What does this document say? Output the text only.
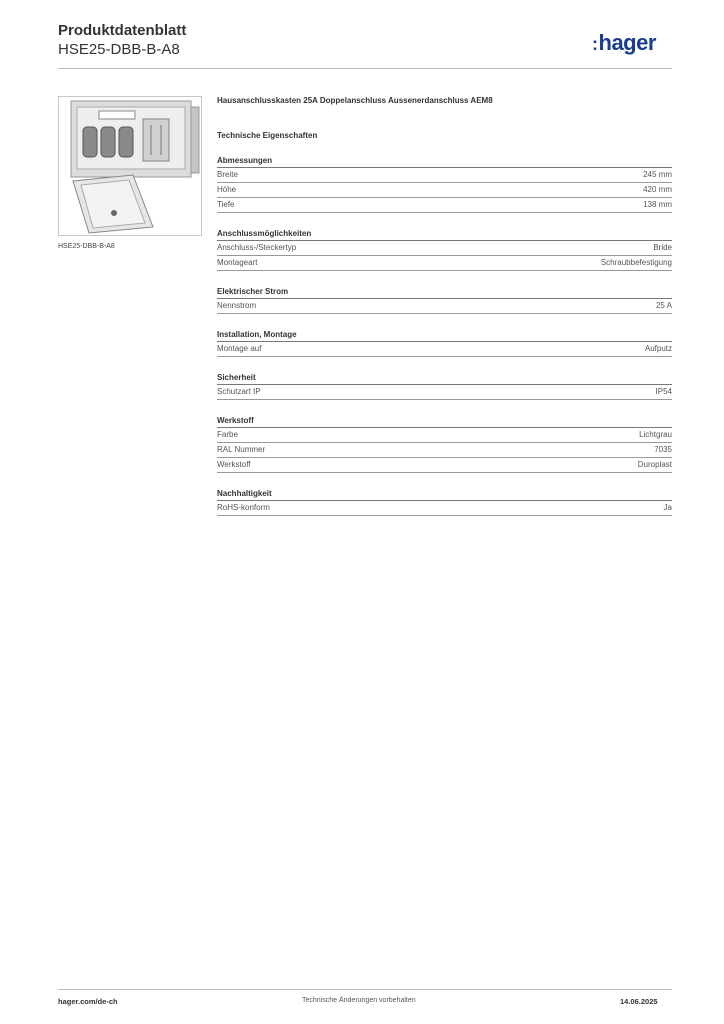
Produktdatenblatt
HSE25-DBB-B-A8	:hager
HSE25-DBB-B-A8
Hausanschlusskasten 25A Doppelanschluss Aussenerdanschluss AEM8
Technische Eigenschaften
Abmessungen
Breite	245 mm
Höhe	420 mm
Tiefe	138 mm
Anschlussmöglichkeiten
Anschluss-/Steckertyp	Bride
Montageart	Schraubbefestigung
Elektrischer Strom
Nennstrom	25 A
Installation, Montage
Montage auf	Aufputz
Sicherheit
Schutzart IP	IP54
Werkstoff
Farbe	Lichtgrau
RAL Nummer	7035
Werkstoff	Duroplast
Nachhaltigkeit
RoHS-konform	Ja
hager.com/de-ch	Technische Änderungen vorbehalten	14.06.2025
